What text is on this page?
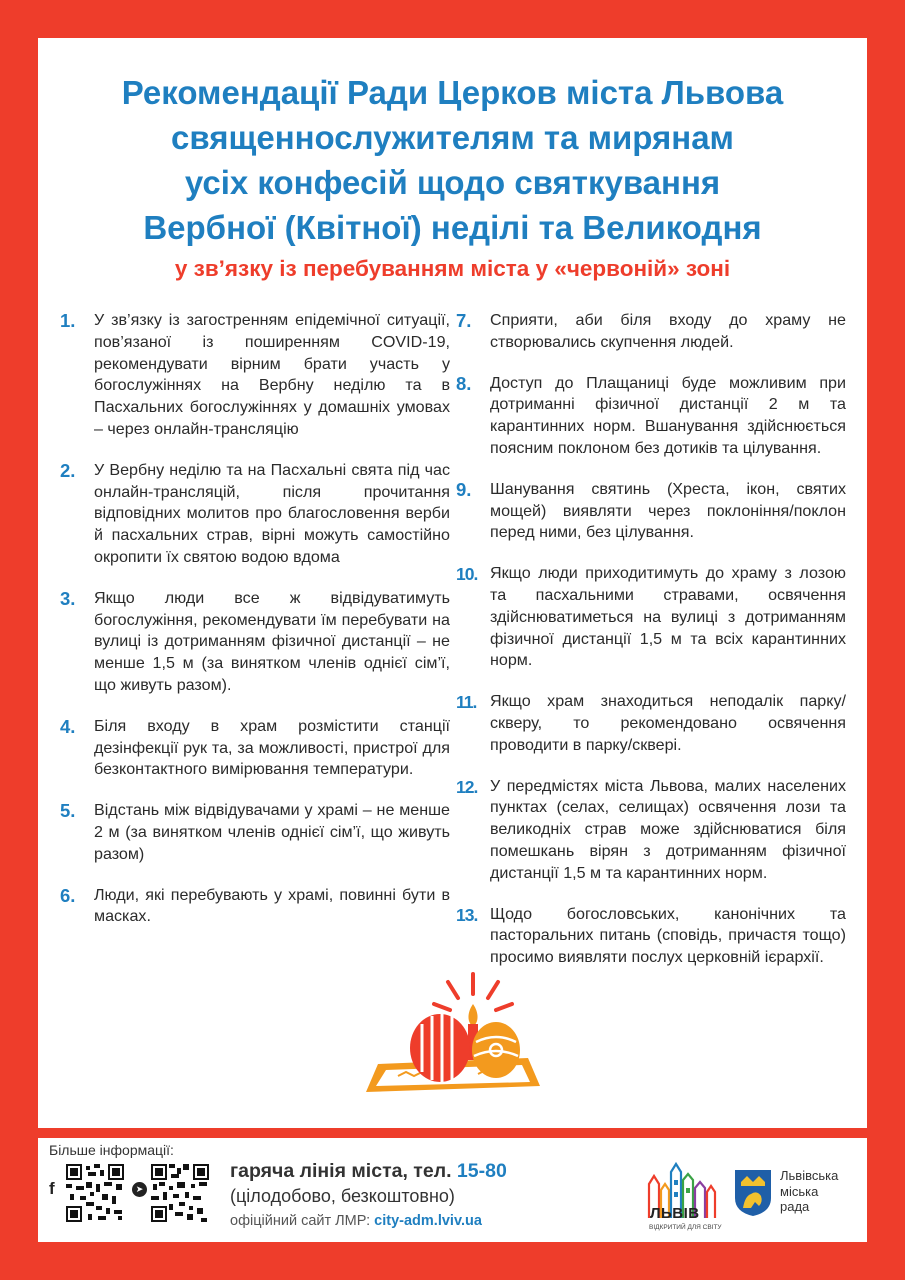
Рекомендації Ради Церков міста Львова
священнослужителям та мирянам
усіх конфесій щодо святкування
Вербної (Квітної) неділі та Великодня
у зв’язку із перебуванням міста у «червоній» зоні
1.	У зв’язку із загостренням епідемічної ситуації, пов’язаної із поширенням COVID-19, рекомендувати вірним брати участь у богослужіннях на Вербну неділю та в Пасхальних богослужіннях у домашніх умовах – через онлайн-трансляцію
2.	У Вербну неділю та на Пасхальні свята під час онлайн-трансляцій, після прочитання відповідних молитов про благословення верби й пасхальних страв, вірні можуть самостійно окропити їх святою водою вдома
3.	Якщо люди все ж відвідуватимуть богослужіння, рекомендувати їм перебувати на вулиці із дотриманням фізичної дистанції – не менше 1,5 м (за винятком членів однієї сім’ї, що живуть разом).
4.	Біля входу в храм розмістити станції дезінфекції рук та, за можливості, пристрої для безконтактного вимірювання температури.
5.	Відстань між відвідувачами у храмі – не менше 2 м (за винятком членів однієї сім’ї, що живуть разом)
6.	Люди, які перебувають у храмі, повинні бути в масках.
7.	Сприяти, аби біля входу до храму не створювались скупчення людей.
8.	Доступ до Плащаниці буде можливим при дотриманні фізичної дистанції 2 м та карантинних норм. Вшанування здійснюється поясним поклоном без дотиків та цілування.
9.	Шанування святинь (Хреста, ікон, святих мощей) виявляти через поклоніння/поклон перед ними, без цілування.
10. Якщо люди приходитимуть до храму з лозою та пасхальними стравами, освячення здійснюватиметься на вулиці з дотриманням фізичної дистанції 1,5 м та всіх карантинних норм.
11. Якщо храм знаходиться неподалік парку/скверу, то рекомендовано освячення проводити в парку/сквері.
12. У передмістях міста Львова, малих населених пунктах (селах, селищах) освячення лози та великодніх страв може здійснюватися біля помешкань вірян з дотриманням фізичної дистанції 1,5 м та карантинних норм.
13. Щодо богословських, канонічних та пасторальних питань (сповідь, причастя тощо) просимо виявляти послух церковній ієрархії.
Більше інформації:
f	➤
гаряча лінія міста, тел. 15-80
(цілодобово, безкоштовно)
офіційний сайт ЛМР: city-adm.lviv.ua	ЛЬВІВ
ВІДКРИТИЙ ДЛЯ СВІТУ
Львівська
міська
рада
